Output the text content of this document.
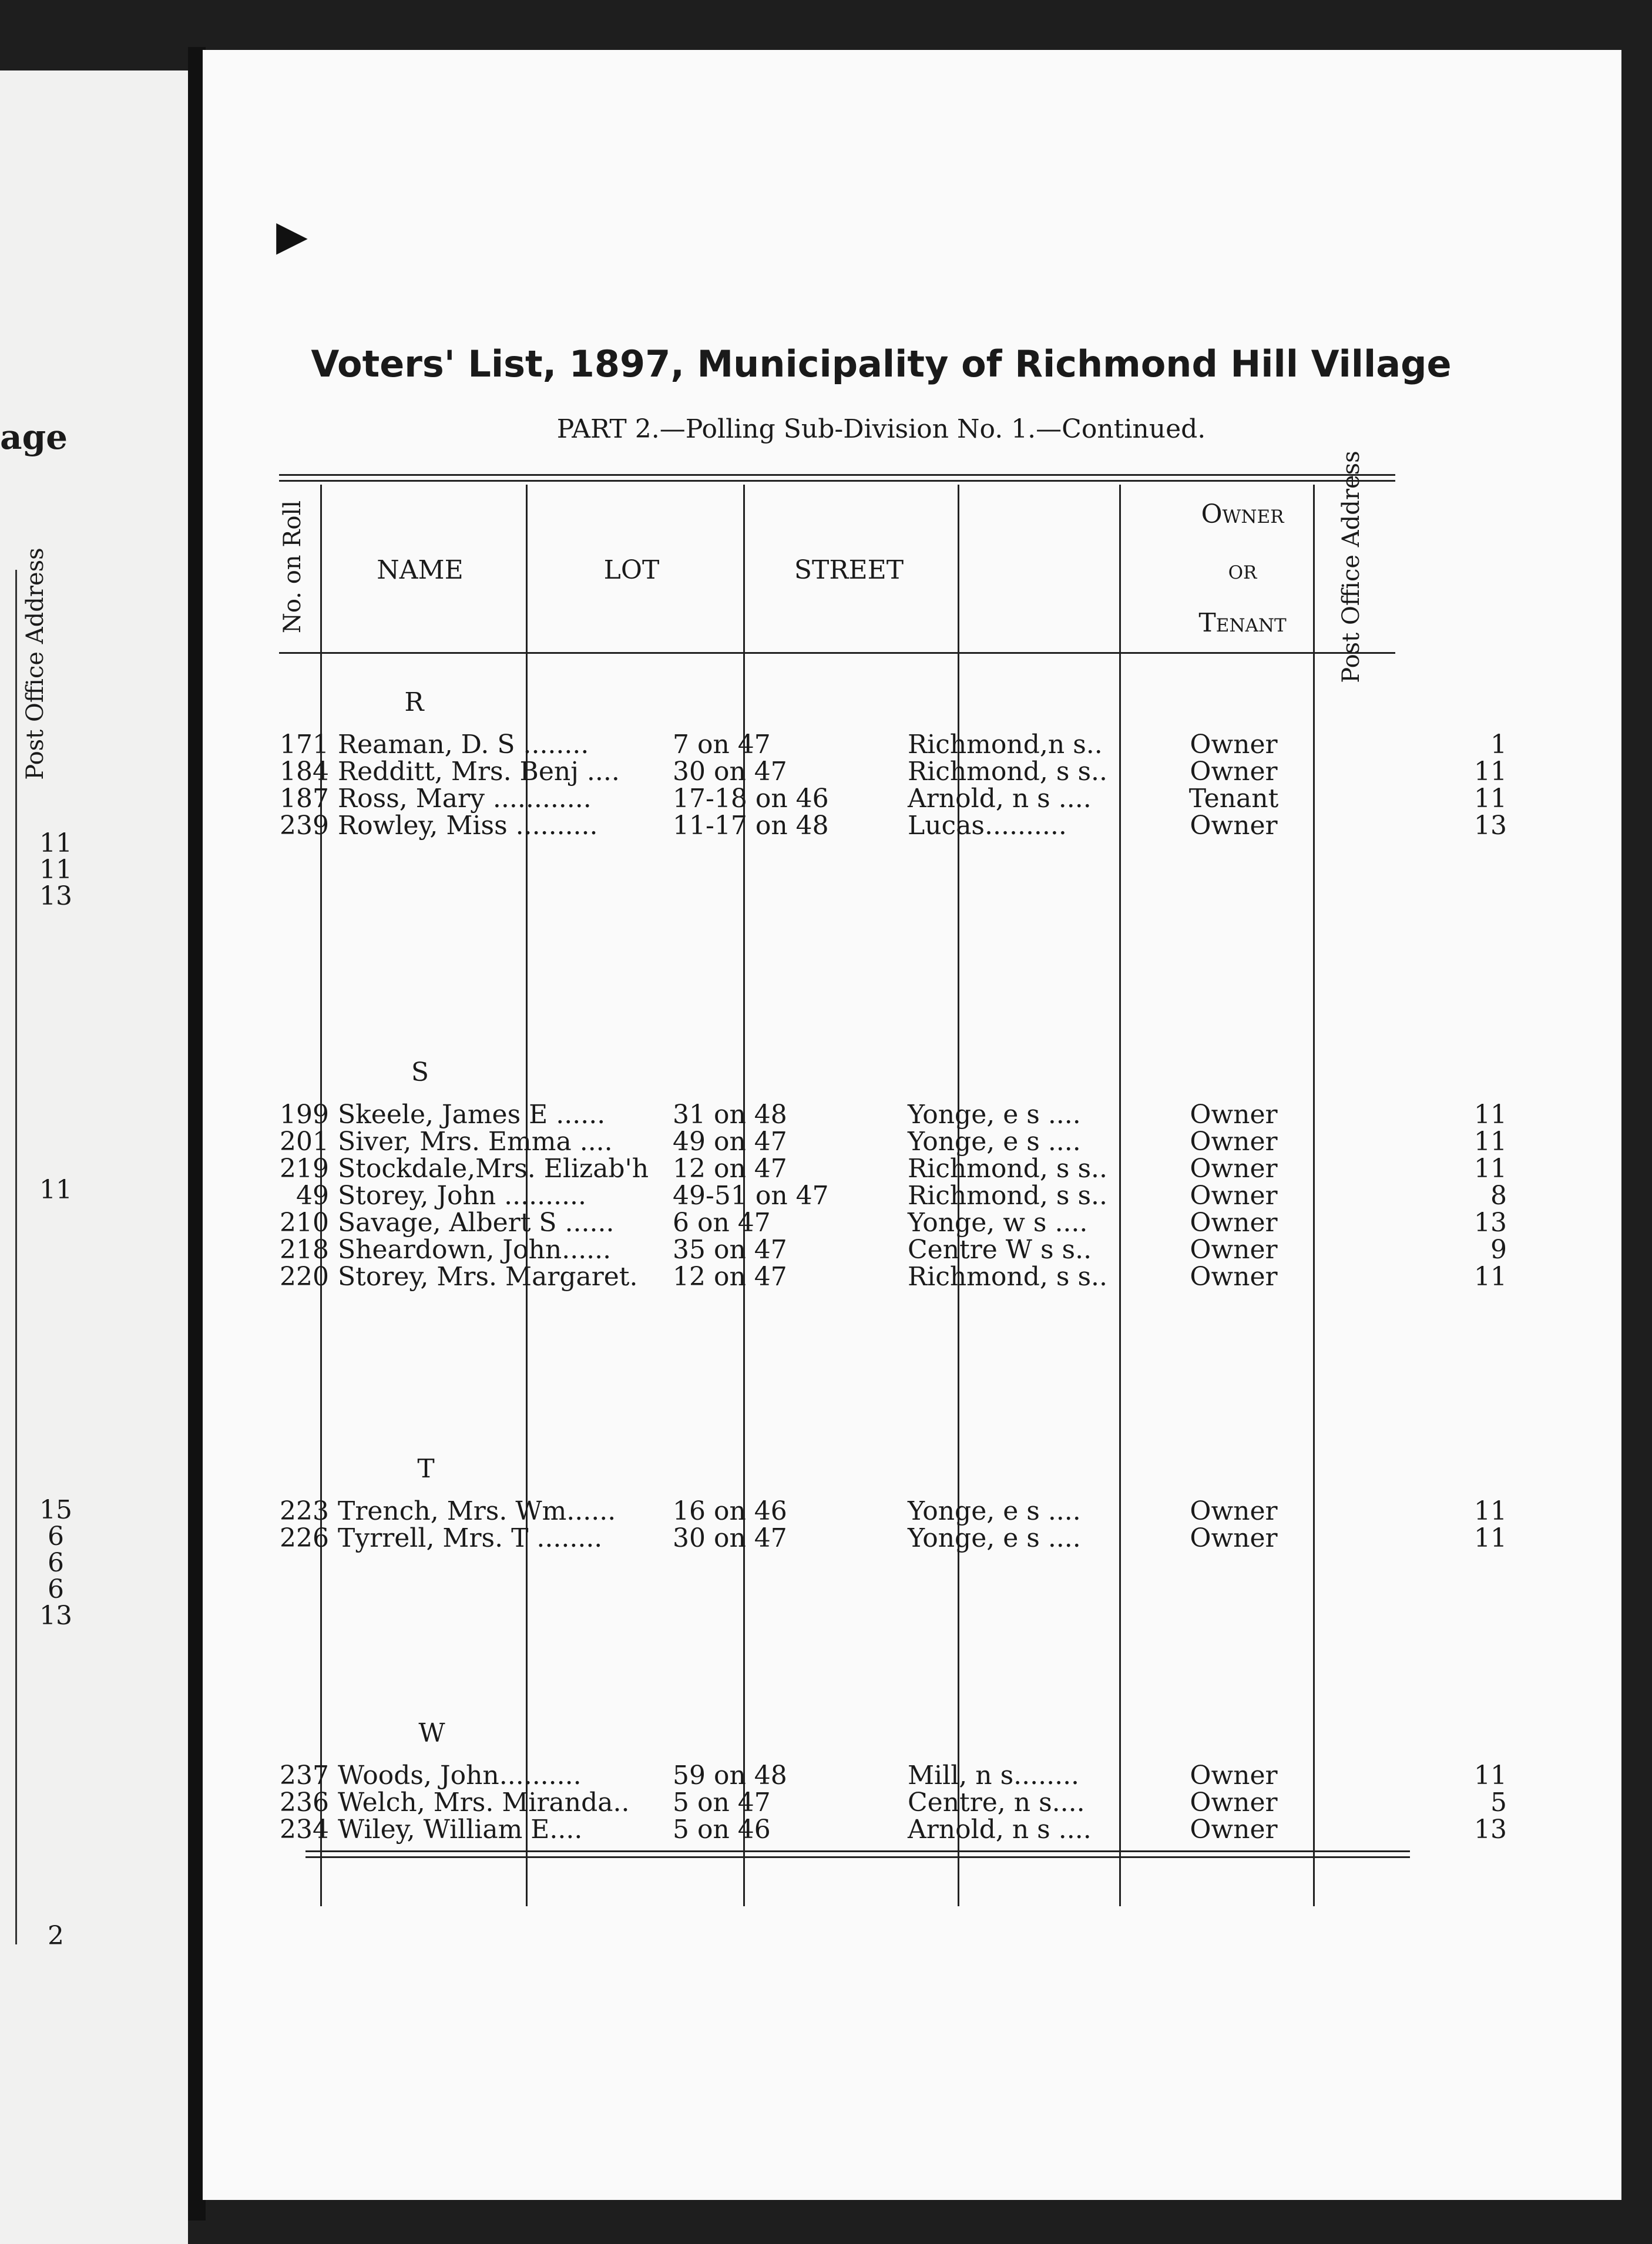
age
Post Office Address
11
11
13
11
15
6
6
6
13
2
▶
Voters' List, 1897, Municipality of Richmond Hill Village
PART 2.—Polling Sub-Division No. 1.—Continued.
No. on Roll	NAME	LOT	STREET
Owner
or
Tenant	Post Office Address
R
171 Reaman, D. S ........	7 on 47	Richmond,n s..	Owner	1
184 Redditt, Mrs. Benj ....	30 on 47	Richmond, s s..	Owner	11
187 Ross, Mary ............	17-18 on 46	Arnold, n s ....	Tenant	11
239 Rowley, Miss ..........	11-17 on 48	Lucas..........	Owner	13
S
199 Skeele, James E ......	31 on 48	Yonge, e s ....	Owner	11
201 Siver, Mrs. Emma ....	49 on 47	Yonge, e s ....	Owner	11
219 Stockdale,Mrs. Elizab'h 12 on 47	Richmond, s s..	Owner	11
49 Storey, John ..........	49-51 on 47	Richmond, s s..	Owner	8
210 Savage, Albert S ......	6 on 47	Yonge, w s ....	Owner	13
218 Sheardown, John......	35 on 47	Centre W s s..	Owner	9
220 Storey, Mrs. Margaret.	12 on 47	Richmond, s s..	Owner	11
T
223 Trench, Mrs. Wm......	16 on 46	Yonge, e s ....	Owner	11
226 Tyrrell, Mrs. T ........	30 on 47	Yonge, e s ....	Owner	11
W
237 Woods, John..........	59 on 48	Mill, n s........	Owner	11
236 Welch, Mrs. Miranda..	5 on 47	Centre, n s....	Owner	5
234 Wiley, William E....	5 on 46	Arnold, n s ....	Owner	13
